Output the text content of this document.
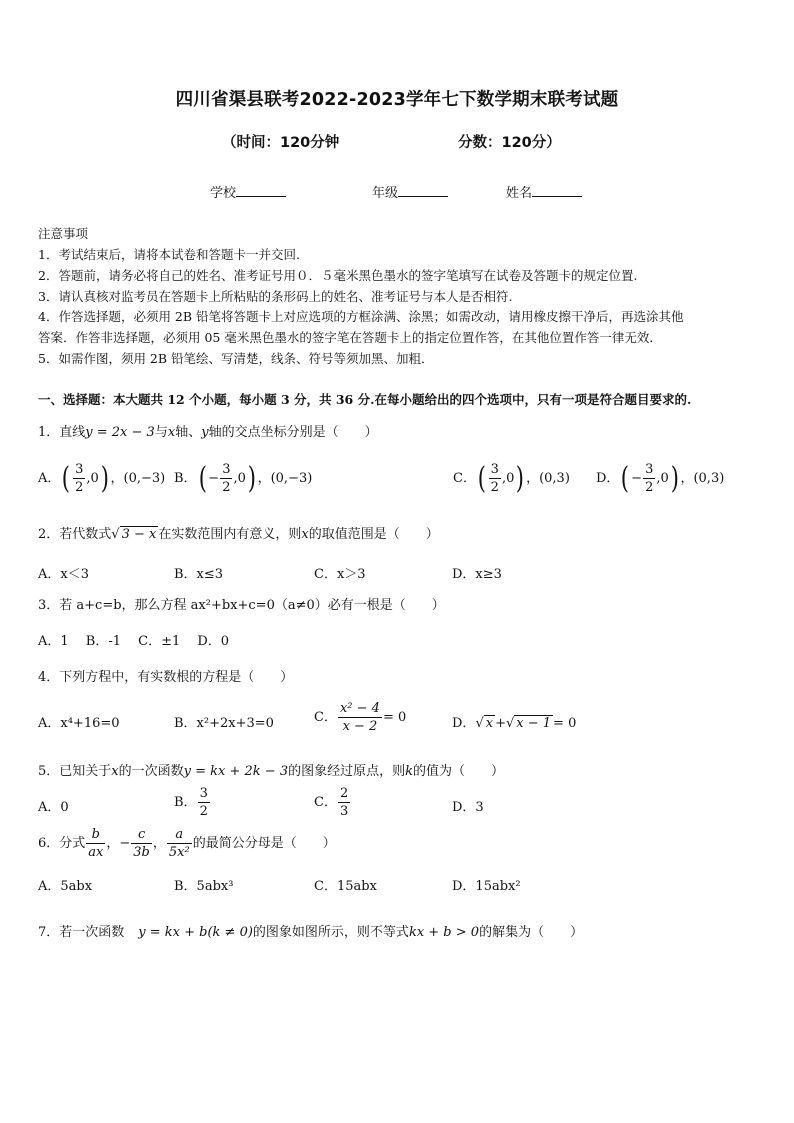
四川省渠县联考2022-2023学年七下数学期末联考试题
（时间：120分钟	分数：120分）
学校	年级	姓名
注意事项
1．考试结束后，请将本试卷和答题卡一并交回.
2．答题前，请务必将自己的姓名、准考证号用０．５毫米黑色墨水的签字笔填写在试卷及答题卡的规定位置.
3．请认真核对监考员在答题卡上所粘贴的条形码上的姓名、准考证号与本人是否相符.
4．作答选择题，必须用 2B 铅笔将答题卡上对应选项的方框涂满、涂黑；如需改动，请用橡皮擦干净后，再选涂其他
答案．作答非选择题，必须用 05 毫米黑色墨水的签字笔在答题卡上的指定位置作答，在其他位置作答一律无效．
5．如需作图，须用 2B 铅笔绘、写清楚，线条、符号等须加黑、加粗．
一、选择题：本大题共 12 个小题，每小题 3 分，共 36 分.在每小题给出的四个选项中，只有一项是符合题目要求的.
1．直线y = 2x − 3与x轴、y轴的交点坐标分别是（　　）
A．( $\frac{3}{2} ,0$) ，(0,−3) B．( − $\frac{3}{2} ,0$) ，(0,−3)	C．( $\frac{3}{2} ,0$) ，(0,3) D．( − $\frac{3}{2} ,0$) ，(0,3)
2．若代数式√ 3 − x 在实数范围内有意义，则x的取值范围是（　　）
A．x＜3	B．x≤3	C．x＞3	D．x≥3
3．若 a+c=b，那么方程 ax²+bx+c=0（a≠0）必有一根是（　　）
A．1　 B．-1　 C．±1　 D．0
4．下列方程中，有实数根的方程是（　　）
A．x⁴+16=0	B．x²+2x+3=0	C． $\frac{\text{x² − 4}}{x - 2} = 0$	D．√ x +√ x − 1 = 0
5．已知关于x的一次函数y = kx + 2k − 3的图象经过原点，则k的值为（　　）
A．0	B． $\frac{3}{2}$	C． $\frac{2}{3}$	D．3
6．分式 $\frac{b}{ax}$ ，− $\frac{c}{3b}$ ， $\frac{a}{\text{5x²}}$ 的最简公分母是（　　）
A．5abx	B．5abx³	C．15abx	D．15abx²
7．若一次函数 y = kx + b(k ≠ 0)的图象如图所示，则不等式kx + b > 0的解集为（　　）
